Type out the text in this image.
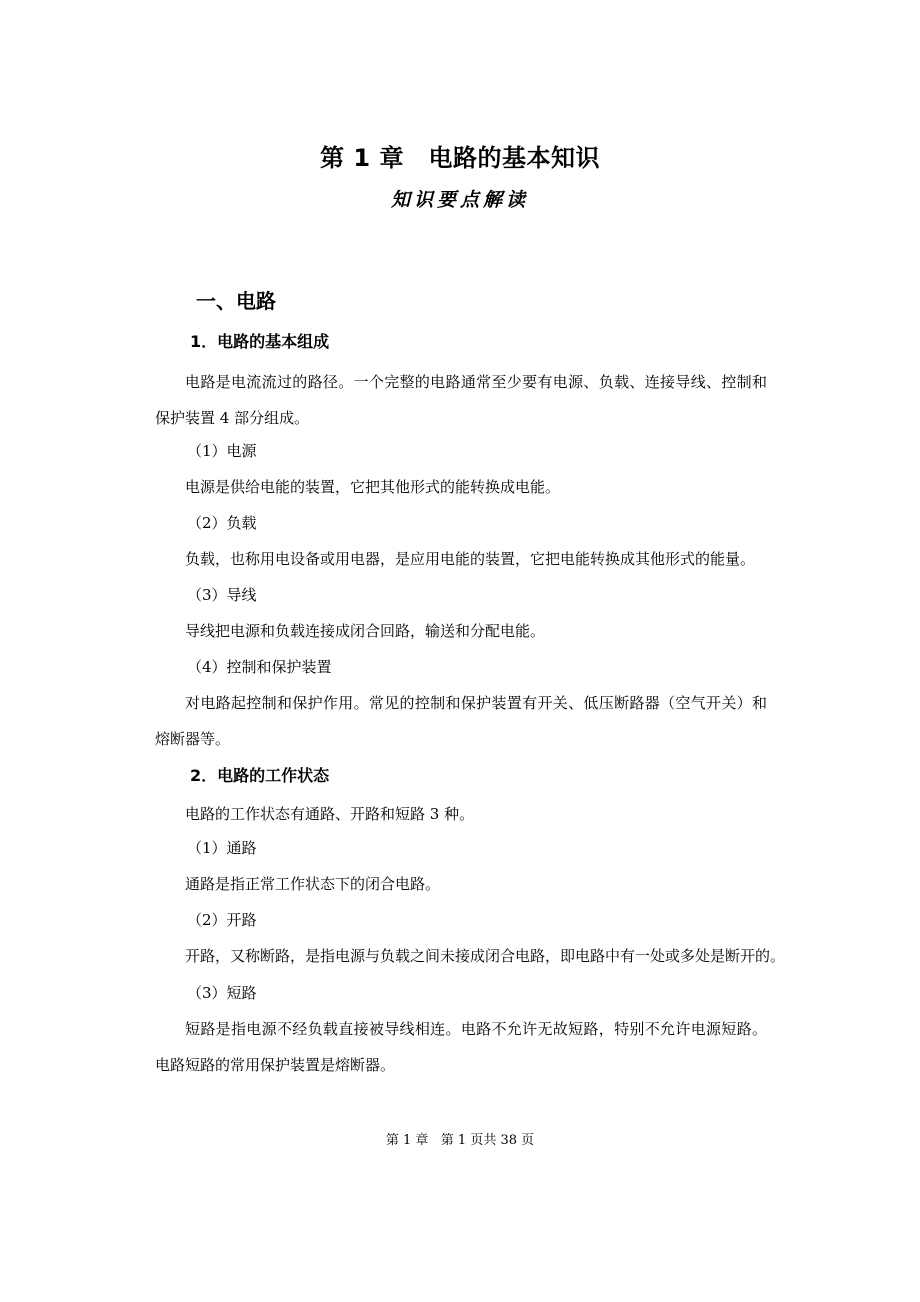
第 1 章　电路的基本知识
知识要点解读
一、电路
1．电路的基本组成
电路是电流流过的路径。一个完整的电路通常至少要有电源、负载、连接导线、控制和保护装置 4 部分组成。
（1）电源
电源是供给电能的装置，它把其他形式的能转换成电能。
（2）负载
负载，也称用电设备或用电器，是应用电能的装置，它把电能转换成其他形式的能量。
（3）导线
导线把电源和负载连接成闭合回路，输送和分配电能。
（4）控制和保护装置
对电路起控制和保护作用。常见的控制和保护装置有开关、低压断路器（空气开关）和熔断器等。
2．电路的工作状态
电路的工作状态有通路、开路和短路 3 种。
（1）通路
通路是指正常工作状态下的闭合电路。
（2）开路
开路，又称断路，是指电源与负载之间未接成闭合电路，即电路中有一处或多处是断开的。
（3）短路
短路是指电源不经负载直接被导线相连。电路不允许无故短路，特别不允许电源短路。电路短路的常用保护装置是熔断器。
第 1 章 第 1 页共 38 页
